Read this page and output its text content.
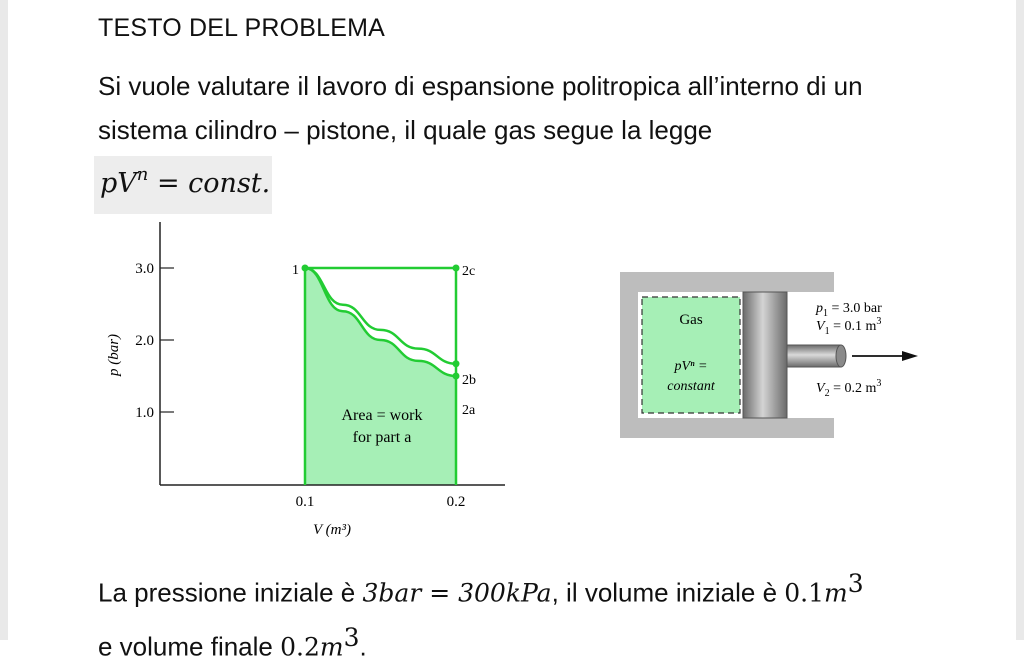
TESTO DEL PROBLEMA
Si vuole valutare il lavoro di espansione politropica all’interno di un sistema cilindro – pistone, il quale gas segue la legge
$pV^n$ = const.
3.0
2.0
1.0
p (bar)
0.1	0.2
V (m³)
1	2c
2b
2a
Area = work
for part a
Gas
pVⁿ =
constant
$p_1 = 3.0$ bar
$V_1 = 0.1$ $m^3$
$V_2 = 0.2$ $m^3$
La pressione iniziale è 3bar = 300kPa, il volume iniziale è $0.1m^3$
e volume finale $0.2m^3$.
